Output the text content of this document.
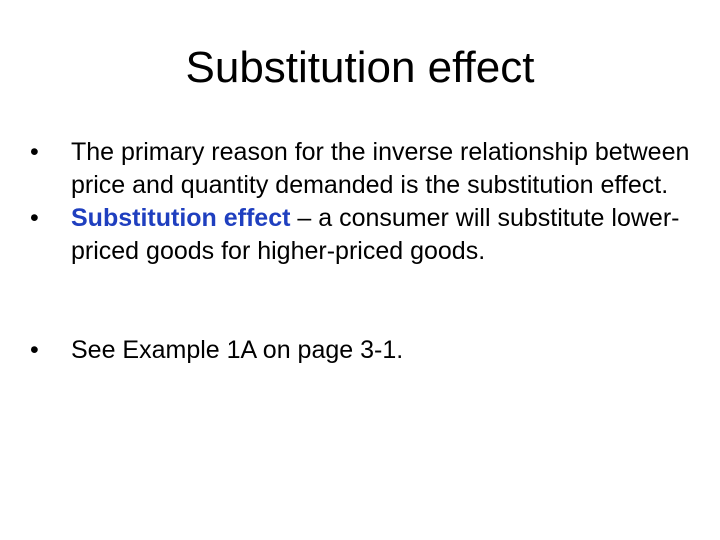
Substitution effect
•	The primary reason for the inverse relationship between price and quantity demanded is the substitution effect.
•	Substitution effect – a consumer will substitute lower-priced goods for higher-priced goods.
•	See Example 1A on page 3-1.
